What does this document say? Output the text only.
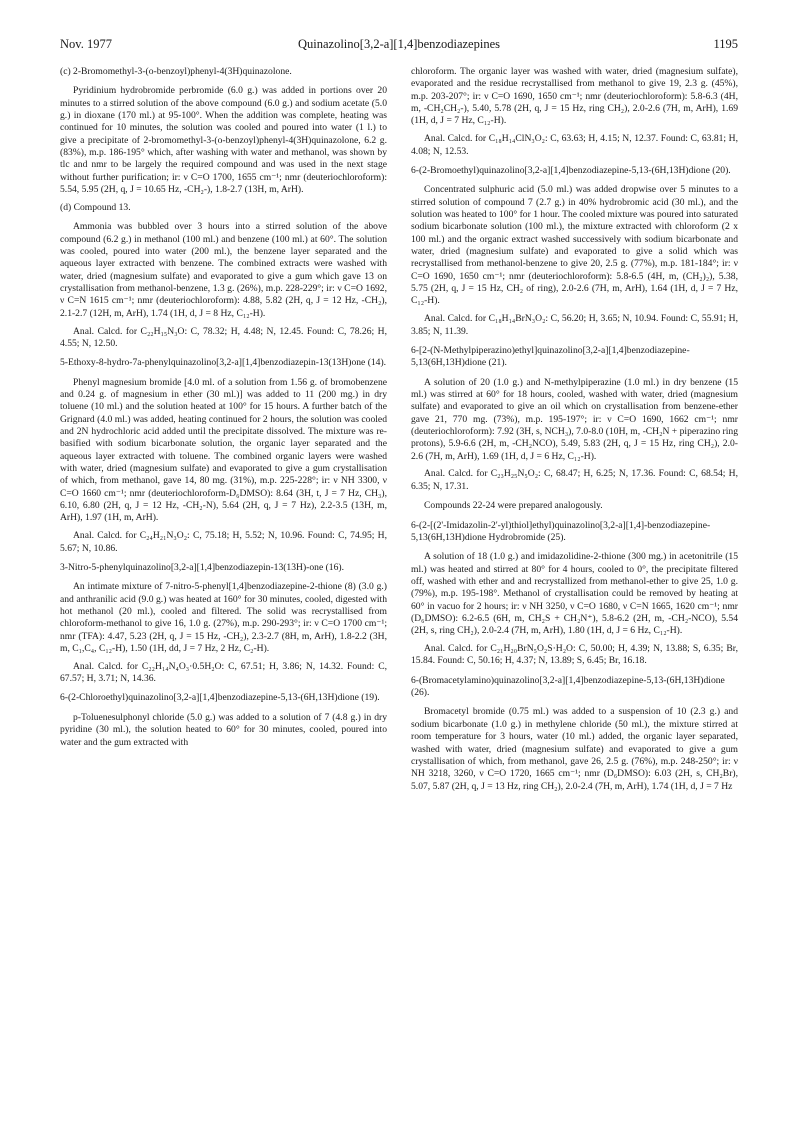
Nov. 1977	Quinazolino[3,2-a][1,4]benzodiazepines	1195
(c) 2-Bromomethyl-3-(o-benzoyl)phenyl-4(3H)quinazolone.
Pyridinium hydrobromide perbromide (6.0 g.) was added in portions over 20 minutes to a stirred solution of the above compound (6.0 g.) and sodium acetate (5.0 g.) in dioxane (170 ml.) at 95-100°. When the addition was complete, heating was continued for 10 minutes, the solution was cooled and poured into water (1 l.) to give a precipitate of 2-bromomethyl-3-(o-benzoyl)phenyl-4(3H)quinazolone, 6.2 g. (83%), m.p. 186-195° which, after washing with water and methanol, was shown by tlc and nmr to be largely the required compound and was used in the next stage without further purification; ir: ν C=O 1700, 1655 cm⁻¹; nmr (deuteriochloroform): 5.54, 5.95 (2H, q, J = 10.65 Hz, -CH₂-), 1.8-2.7 (13H, m, ArH).
(d) Compound 13.
Ammonia was bubbled over 3 hours into a stirred solution of the above compound (6.2 g.) in methanol (100 ml.) and benzene (100 ml.) at 60°. The solution was cooled, poured into water (200 ml.), the benzene layer separated and the aqueous layer extracted with benzene. The combined extracts were washed with water, dried (magnesium sulfate) and evaporated to give a gum which gave 13 on crystallisation from methanol-benzene, 1.3 g. (26%), m.p. 228-229°; ir: ν C=O 1692, ν C=N 1615 cm⁻¹; nmr (deuteriochloroform): 4.88, 5.82 (2H, q, J = 12 Hz, -CH₂), 2.1-2.7 (12H, m, ArH), 1.74 (1H, d, J = 8 Hz, C₁₂-H).
Anal. Calcd. for C₂₂H₁₅N₃O: C, 78.32; H, 4.48; N, 12.45. Found: C, 78.26; H, 4.55; N, 12.50.
5-Ethoxy-8-hydro-7a-phenylquinazolino[3,2-a][1,4]benzodiazepin-13(13H)one (14).
Phenyl magnesium bromide [4.0 ml. of a solution from 1.56 g. of bromobenzene and 0.24 g. of magnesium in ether (30 ml.)] was added to 11 (200 mg.) in dry toluene (10 ml.) and the solution heated at 100° for 15 hours. A further batch of the Grignard (4.0 ml.) was added, heating continued for 2 hours, the solution was cooled and 2N hydrochloric acid added until the precipitate dissolved. The mixture was re-basified with sodium bicarbonate solution, the organic layer separated and the aqueous layer extracted with toluene. The combined organic layers were washed with water, dried (magnesium sulfate) and evaporated to give a gum crystallisation of which, from methanol, gave 14, 80 mg. (31%), m.p. 225-228°; ir: ν NH 3300, ν C=O 1660 cm⁻¹; nmr (deuteriochloroform-D₆DMSO): 8.64 (3H, t, J = 7 Hz, CH₃), 6.10, 6.80 (2H, q, J = 12 Hz, -CH₂-N), 5.64 (2H, q, J = 7 Hz), 2.2-3.5 (13H, m, ArH), 1.97 (1H, m, ArH).
Anal. Calcd. for C₂₄H₂₁N₃O₂: C, 75.18; H, 5.52; N, 10.96. Found: C, 74.95; H, 5.67; N, 10.86.
3-Nitro-5-phenylquinazolino[3,2-a][1,4]benzodiazepin-13(13H)-one (16).
An intimate mixture of 7-nitro-5-phenyl[1,4]benzodiazepine-2-thione (8) (3.0 g.) and anthranilic acid (9.0 g.) was heated at 160° for 30 minutes, cooled, digested with hot methanol (20 ml.), cooled and filtered. The solid was recrystallised from chloroform-methanol to give 16, 1.0 g. (27%), m.p. 290-293°; ir: ν C=O 1700 cm⁻¹; nmr (TFA): 4.47, 5.23 (2H, q, J = 15 Hz, -CH₂), 2.3-2.7 (8H, m, ArH), 1.8-2.2 (3H, m, C₁,C₄, C₁₂-H), 1.50 (1H, dd, J = 7 Hz, 2 Hz, C₂-H).
Anal. Calcd. for C₂₂H₁₄N₄O₃·0.5H₂O: C, 67.51; H, 3.86; N, 14.32. Found: C, 67.57; H, 3.71; N, 14.36.
6-(2-Chloroethyl)quinazolino[3,2-a][1,4]benzodiazepine-5,13-(6H,13H)dione (19).
p-Toluenesulphonyl chloride (5.0 g.) was added to a solution of 7 (4.8 g.) in dry pyridine (30 ml.), the solution heated to 60° for 30 minutes, cooled, poured into water and the gum extracted with
chloroform. The organic layer was washed with water, dried (magnesium sulfate), evaporated and the residue recrystallised from methanol to give 19, 2.3 g. (45%), m.p. 203-207°; ir: ν C=O 1690, 1650 cm⁻¹; nmr (deuteriochloroform): 5.8-6.3 (4H, m, -CH₂CH₂-), 5.40, 5.78 (2H, q, J = 15 Hz, ring CH₂), 2.0-2.6 (7H, m, ArH), 1.69 (1H, d, J = 7 Hz, C₁₂-H).
Anal. Calcd. for C₁₈H₁₄ClN₃O₂: C, 63.63; H, 4.15; N, 12.37. Found: C, 63.81; H, 4.08; N, 12.53.
6-(2-Bromoethyl)quinazolino[3,2-a][1,4]benzodiazepine-5,13-(6H,13H)dione (20).
Concentrated sulphuric acid (5.0 ml.) was added dropwise over 5 minutes to a stirred solution of compound 7 (2.7 g.) in 40% hydrobromic acid (30 ml.), and the solution was heated to 100° for 1 hour. The cooled mixture was poured into saturated sodium bicarbonate solution (100 ml.), the mixture extracted with chloroform (2 x 100 ml.) and the organic extract washed successively with sodium bicarbonate and water, dried (magnesium sulfate) and evaporated to give a solid which was recrystallised from methanol-benzene to give 20, 2.5 g. (77%), m.p. 181-184°; ir: ν C=O 1690, 1650 cm⁻¹; nmr (deuteriochloroform): 5.8-6.5 (4H, m, (CH₂)₂), 5.38, 5.75 (2H, q, J = 15 Hz, CH₂ of ring), 2.0-2.6 (7H, m, ArH), 1.64 (1H, d, J = 7 Hz, C₁₂-H).
Anal. Calcd. for C₁₈H₁₄BrN₃O₂: C, 56.20; H, 3.65; N, 10.94. Found: C, 55.91; H, 3.85; N, 11.39.
6-[2-(N-Methylpiperazino)ethyl]quinazolino[3,2-a][1,4]benzodiazepine-5,13(6H,13H)dione (21).
A solution of 20 (1.0 g.) and N-methylpiperazine (1.0 ml.) in dry benzene (15 ml.) was stirred at 60° for 18 hours, cooled, washed with water, dried (magnesium sulfate) and evaporated to give an oil which on crystallisation from benzene-ether gave 21, 770 mg. (73%), m.p. 195-197°; ir: ν C=O 1690, 1662 cm⁻¹; nmr (deuteriochloroform): 7.92 (3H, s, NCH₃), 7.0-8.0 (10H, m, -CH₂N + piperazino ring protons), 5.9-6.6 (2H, m, -CH₂NCO), 5.49, 5.83 (2H, q, J = 15 Hz, ring CH₂), 2.0-2.6 (7H, m, ArH), 1.69 (1H, d, J = 6 Hz, C₁₂-H).
Anal. Calcd. for C₂₃H₂₅N₅O₂: C, 68.47; H, 6.25; N, 17.36. Found: C, 68.54; H, 6.35; N, 17.31.
Compounds 22-24 were prepared analogously.
6-(2-[(2'-Imidazolin-2'-yl)thiol]ethyl)quinazolino[3,2-a][1,4]-benzodiazepine-5,13(6H,13H)dione Hydrobromide (25).
A solution of 18 (1.0 g.) and imidazolidine-2-thione (300 mg.) in acetonitrile (15 ml.) was heated and stirred at 80° for 4 hours, cooled to 0°, the precipitate filtered off, washed with ether and and recrystallized from methanol-ether to give 25, 1.0 g. (79%), m.p. 195-198°. Methanol of crystallisation could be removed by heating at 60° in vacuo for 2 hours; ir: ν NH 3250, ν C=O 1680, ν C=N 1665, 1620 cm⁻¹; nmr (D₆DMSO): 6.2-6.5 (6H, m, CH₂S + CH₂N⁺), 5.8-6.2 (2H, m, -CH₂-NCO), 5.54 (2H, s, ring CH₂), 2.0-2.4 (7H, m, ArH), 1.80 (1H, d, J = 6 Hz, C₁₂-H).
Anal. Calcd. for C₂₁H₂₀BrN₅O₂S·H₂O: C, 50.00; H, 4.39; N, 13.88; S, 6.35; Br, 15.84. Found: C, 50.16; H, 4.37; N, 13.89; S, 6.45; Br, 16.18.
6-(Bromacetylamino)quinazolino[3,2-a][1,4]benzodiazepine-5,13-(6H,13H)dione (26).
Bromacetyl bromide (0.75 ml.) was added to a suspension of 10 (2.3 g.) and sodium bicarbonate (1.0 g.) in methylene chloride (50 ml.), the mixture stirred at room temperature for 3 hours, water (10 ml.) added, the organic layer separated, washed with water, dried (magnesium sulfate) and evaporated to give a gum crystallisation of which, from methanol, gave 26, 2.5 g. (76%), m.p. 248-250°; ir: ν NH 3218, 3260, ν C=O 1720, 1665 cm⁻¹; nmr (D₆DMSO): 6.03 (2H, s, CH₂Br), 5.07, 5.87 (2H, q, J = 13 Hz, ring CH₂), 2.0-2.4 (7H, m, ArH), 1.74 (1H, d, J = 7 Hz
